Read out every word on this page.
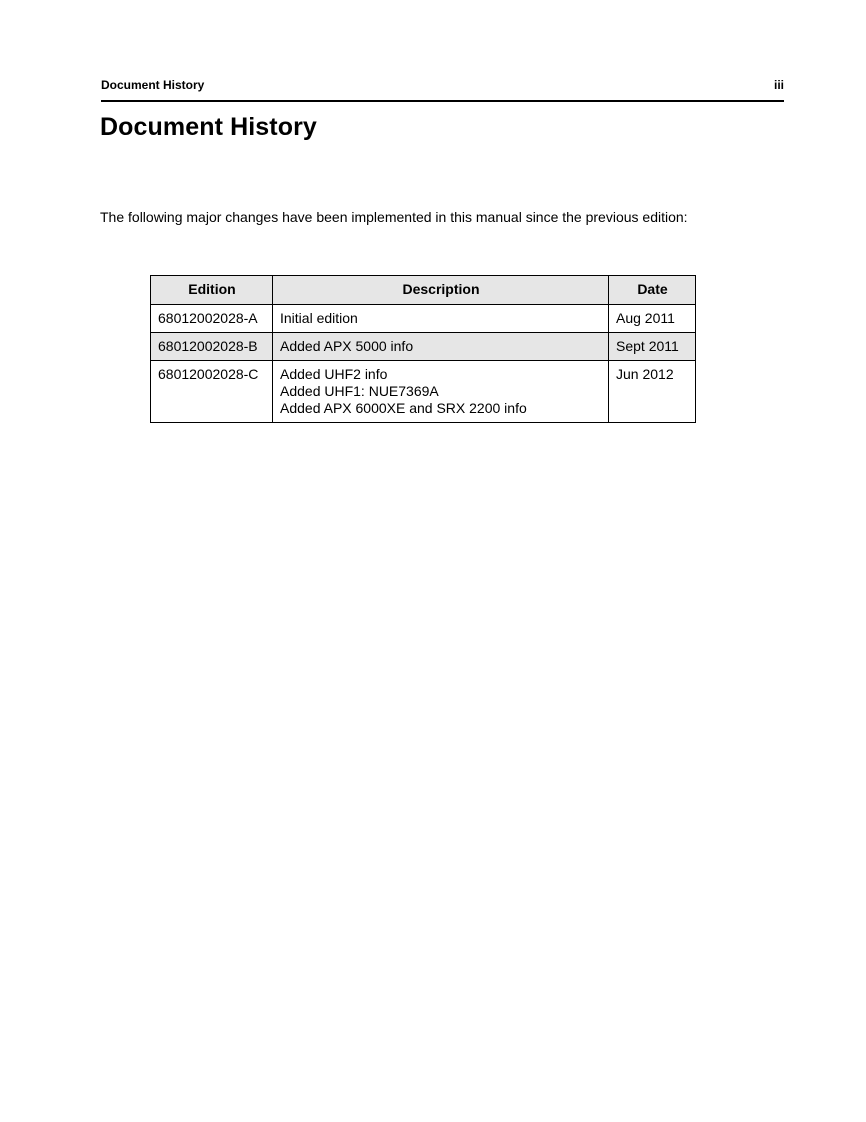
Document History	iii
Document History

The following major changes have been implemented in this manual since the previous edition:

Edition	Description	Date
68012002028-A	Initial edition	Aug 2011
68012002028-B	Added APX 5000 info	Sept 2011
68012002028-C	Added UHF2 info
Added UHF1: NUE7369A
Added APX 6000XE and SRX 2200 info	Jun 2012
